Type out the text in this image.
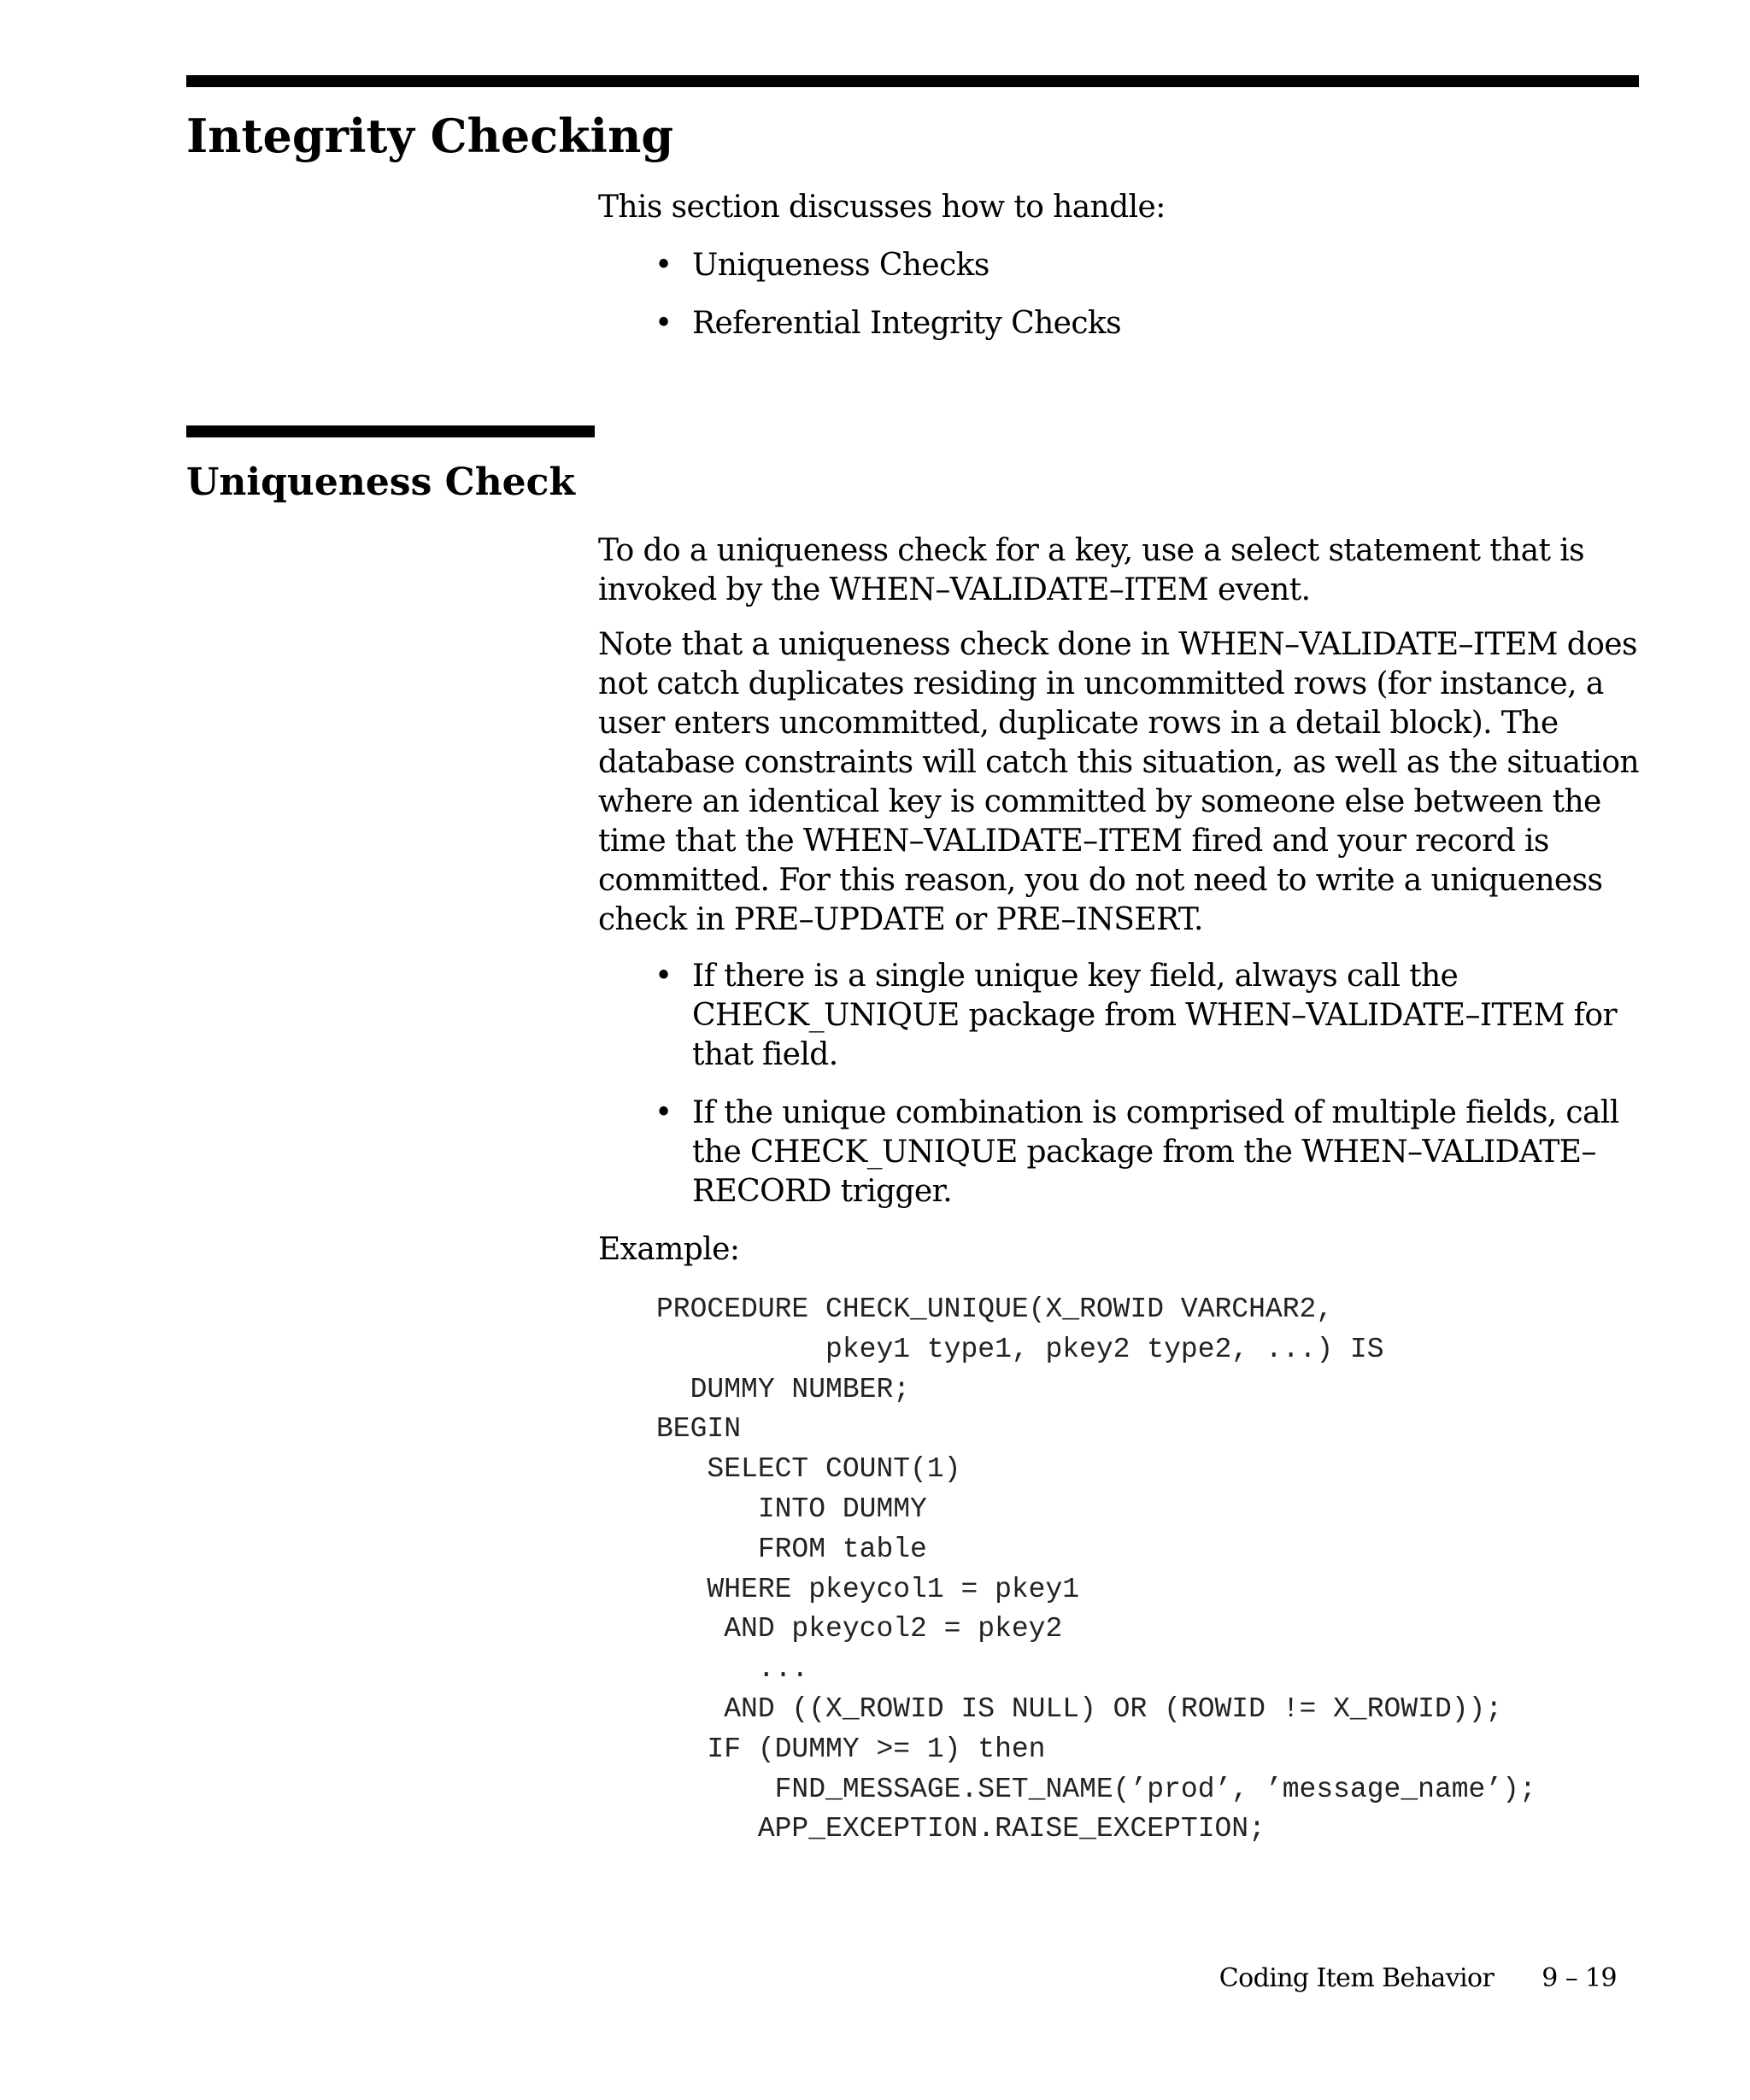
Integrity Checking

This section discusses how to handle:

• Uniqueness Checks
• Referential Integrity Checks
Uniqueness Check

To do a uniqueness check for a key, use a select statement that is invoked by the WHEN–VALIDATE–ITEM event.

Note that a uniqueness check done in WHEN–VALIDATE–ITEM does not catch duplicates residing in uncommitted rows (for instance, a user enters uncommitted, duplicate rows in a detail block). The database constraints will catch this situation, as well as the situation where an identical key is committed by someone else between the time that the WHEN–VALIDATE–ITEM fired and your record is committed. For this reason, you do not need to write a uniqueness check in PRE–UPDATE or PRE–INSERT.

• If there is a single unique key field, always call the CHECK_UNIQUE package from WHEN–VALIDATE–ITEM for that field.
• If the unique combination is comprised of multiple fields, call the CHECK_UNIQUE package from the WHEN–VALIDATE– RECORD trigger.

Example:

PROCEDURE CHECK_UNIQUE(X_ROWID VARCHAR2,
pkey1 type1, pkey2 type2, ...) IS
DUMMY NUMBER;
BEGIN
SELECT COUNT(1)
INTO DUMMY
FROM table
WHERE pkeycol1 = pkey1
AND pkeycol2 = pkey2
...
AND ((X_ROWID IS NULL) OR (ROWID != X_ROWID));
IF (DUMMY >= 1) then
FND_MESSAGE.SET_NAME(’prod’, ’message_name’);
APP_EXCEPTION.RAISE_EXCEPTION;
Coding Item Behavior 9 – 19
